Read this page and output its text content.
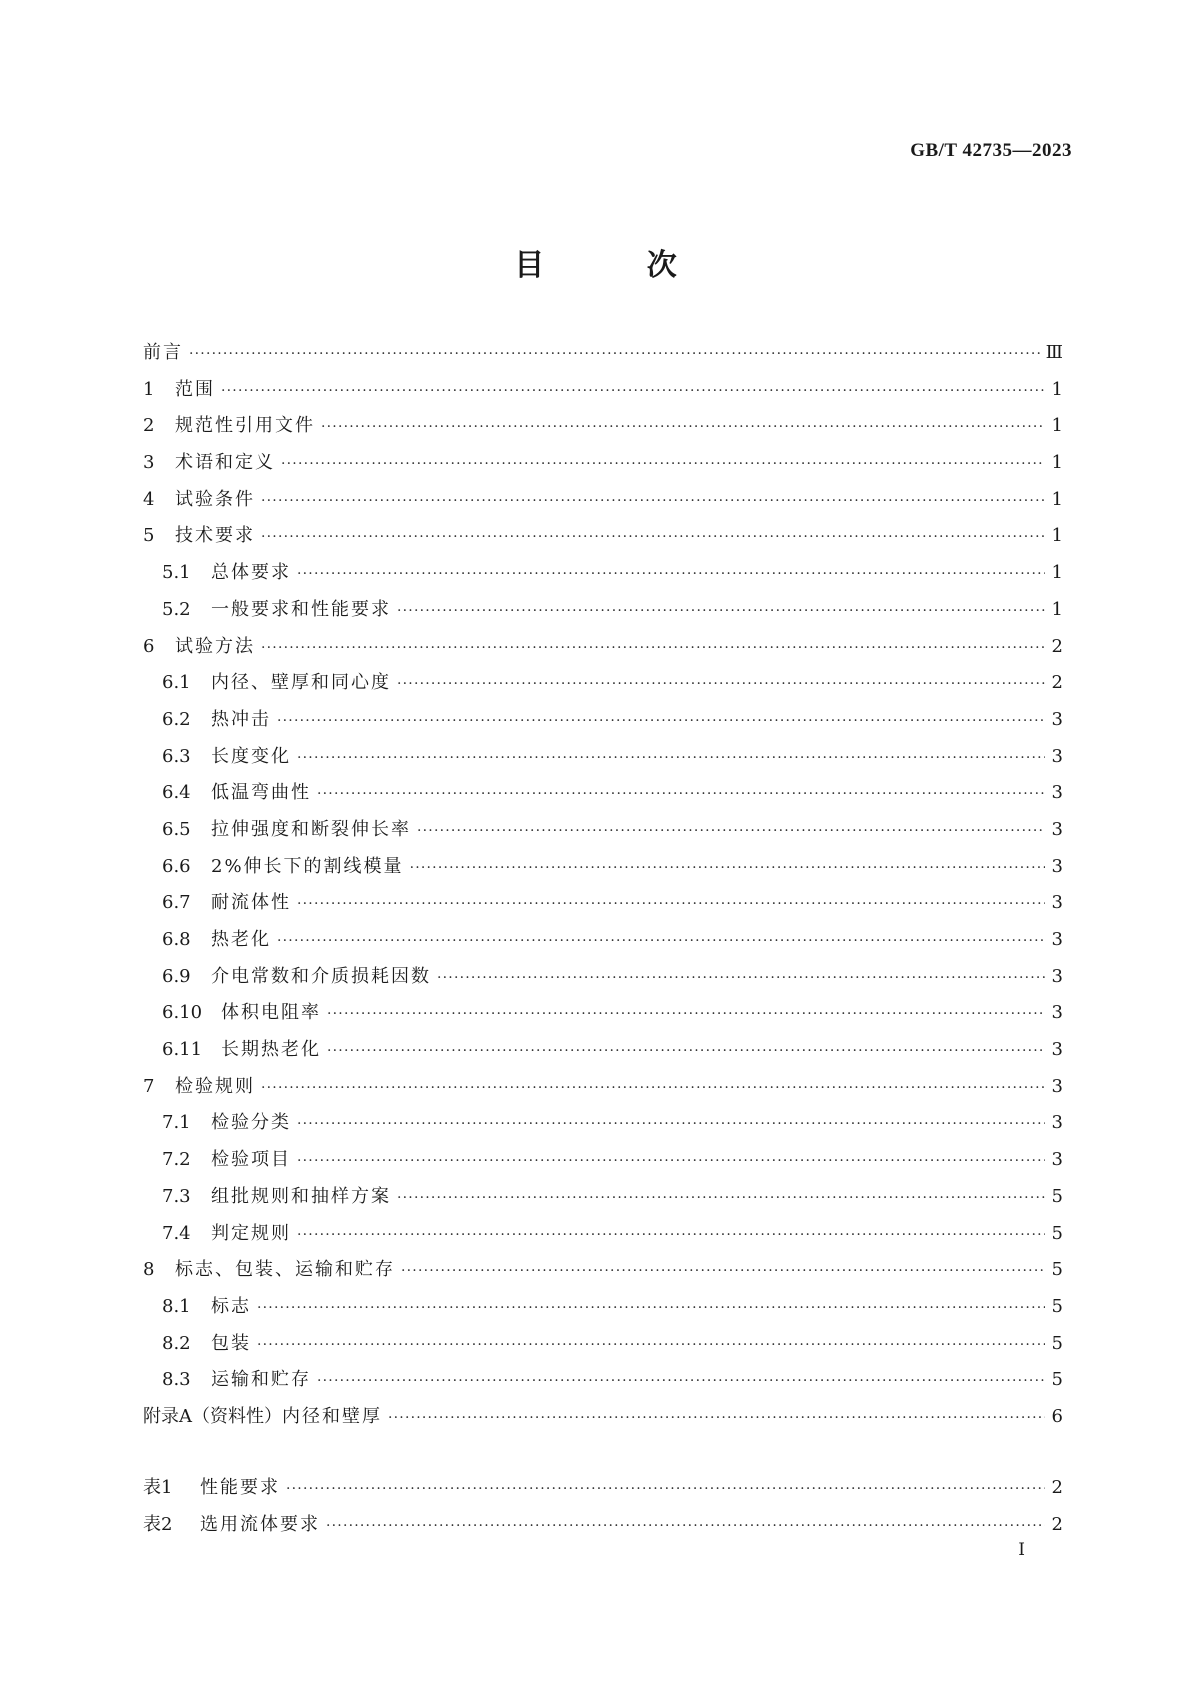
GB/T 42735—2023
目 次
前言 ·····	Ⅲ
1	范围 ·····	1
2	规范性引用文件 ·····	1
3	术语和定义 ·····	1
4	试验条件 ·····	1
5	技术要求 ·····	1
5.1	总体要求 ·····	1
5.2	一般要求和性能要求 ·····	1
6	试验方法 ·····	2
6.1	内径、壁厚和同心度 ·····	2
6.2	热冲击 ·····	3
6.3	长度变化 ·····	3
6.4	低温弯曲性 ·····	3
6.5	拉伸强度和断裂伸长率 ·····	3
6.6	2%伸长下的割线模量 ·····	3
6.7	耐流体性 ·····	3
6.8	热老化 ·····	3
6.9	介电常数和介质损耗因数 ·····	3
6.10	体积电阻率 ·····	3
6.11	长期热老化 ·····	3
7	检验规则 ·····	3
7.1	检验分类 ·····	3
7.2	检验项目 ·····	3
7.3	组批规则和抽样方案 ·····	5
7.4	判定规则 ·····	5
8	标志、包装、运输和贮存 ·····	5
8.1	标志 ·····	5
8.2	包装 ·····	5
8.3	运输和贮存 ·····	5
附录A（资料性） 内径和壁厚 ·····	6
表1	性能要求 ·····	2
表2	选用流体要求 ·····	2
Ⅰ
